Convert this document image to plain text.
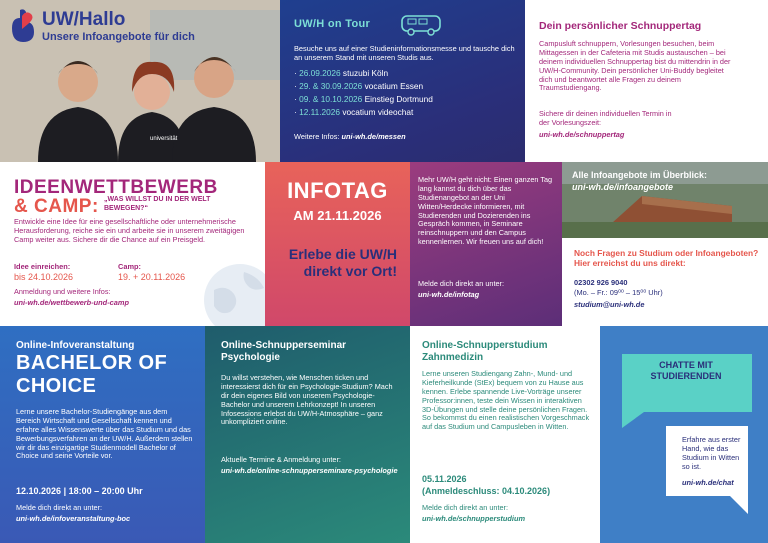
universität
UW/Hallo
Unsere Infoangebote für dich
UW/H on Tour

Besuche uns auf einer Studieninformationsmesse und tausche dich an unserem Stand mit unseren Studis aus.

· 26.09.2026 stuzubi Köln
· 29. & 30.09.2026 vocatium Essen
· 09. & 10.10.2026 Einstieg Dortmund
· 12.11.2026 vocatium videochat
Weitere Infos: uni-wh.de/messen
Dein persönlicher Schnuppertag

Campusluft schnuppern, Vorlesungen besuchen, beim Mittagessen in der Cafeteria mit Studis austauschen – bei deinem individuellen Schnuppertag bist du mittendrin in der UW/H-Community. Dein persönlicher Uni-Buddy begleitet dich und beantwortet alle Fragen zu deinem Traumstudiengang.

Sichere dir deinen individuellen Termin in der Vorlesungszeit:

uni-wh.de/schnuppertag
IDEENWETTBEWERB
& CAMP: „WAS WILLST DU IN DER WELT BEWEGEN?“

Entwickle eine Idee für eine gesellschaftliche oder unternehmerische Herausforderung, reiche sie ein und arbeite sie in unserem zweitägigen Camp weiter aus. Sichere dir die Chance auf ein Preisgeld.

Idee einreichen:
bis 24.10.2026
Camp:
19. + 20.11.2026
Anmeldung und weitere Infos:
uni-wh.de/wettbewerb-und-camp
INFOTAG
AM 21.11.2026
Erlebe die UW/H direkt vor Ort!

Mehr UW/H geht nicht: Einen ganzen Tag lang kannst du dich über das Studienangebot an der Uni Witten/Herdecke informieren, mit Studierenden und Dozierenden ins Gespräch kommen, in Seminare reinschnuppern und den Campus kennenlernen. Wir freuen uns auf dich!

Melde dich direkt an unter:
uni-wh.de/infotag
Alle Infoangebote im Überblick:
uni-wh.de/infoangebote
Noch Fragen zu Studium oder Infoangeboten? Hier erreichst du uns direkt:
02302 926 9040
(Mo. – Fr.: 09⁰⁰ – 15⁰⁰ Uhr)
studium@uni-wh.de
Online-Infoveranstaltung
BACHELOR OF CHOICE

Lerne unsere Bachelor-Studiengänge aus dem Bereich Wirtschaft und Gesellschaft kennen und erfahre alles Wissenswerte über das Studium und das Bewerbungsverfahren an der UW/H. Außerdem stellen wir dir das einzigartige Studienmodell Bachelor of Choice und seine Vorteile vor.

12.10.2026 | 18:00 – 20:00 Uhr
Melde dich direkt an unter:
uni-wh.de/infoveranstaltung-boc
Online-Schnupperseminar Psychologie

Du willst verstehen, wie Menschen ticken und interessierst dich für ein Psychologie-Studium? Mach dir dein eigenes Bild von unserem Psychologie-Bachelor und unserem Lehrkonzept! In unseren Infosessions erlebst du UW/H-Atmosphäre – ganz unkompliziert online.

Aktuelle Termine & Anmeldung unter:
uni-wh.de/online-schnupperseminare-psychologie
Online-Schnupperstudium Zahnmedizin

Lerne unseren Studiengang Zahn-, Mund- und Kieferheilkunde (StEx) bequem von zu Hause aus kennen. Erlebe spannende Live-Vorträge unserer Professor:innen, teste dein Wissen in interaktiven 3D-Übungen und stelle deine persönlichen Fragen. So bekommst du einen realistischen Vorgeschmack auf das Studium und Campusleben in Witten.

05.11.2026
(Anmeldeschluss: 04.10.2026)
Melde dich direkt an unter:
uni-wh.de/schnupperstudium
CHATTE MIT STUDIERENDEN

Erfahre aus erster Hand, wie das Studium in Witten so ist.

uni-wh.de/chat
